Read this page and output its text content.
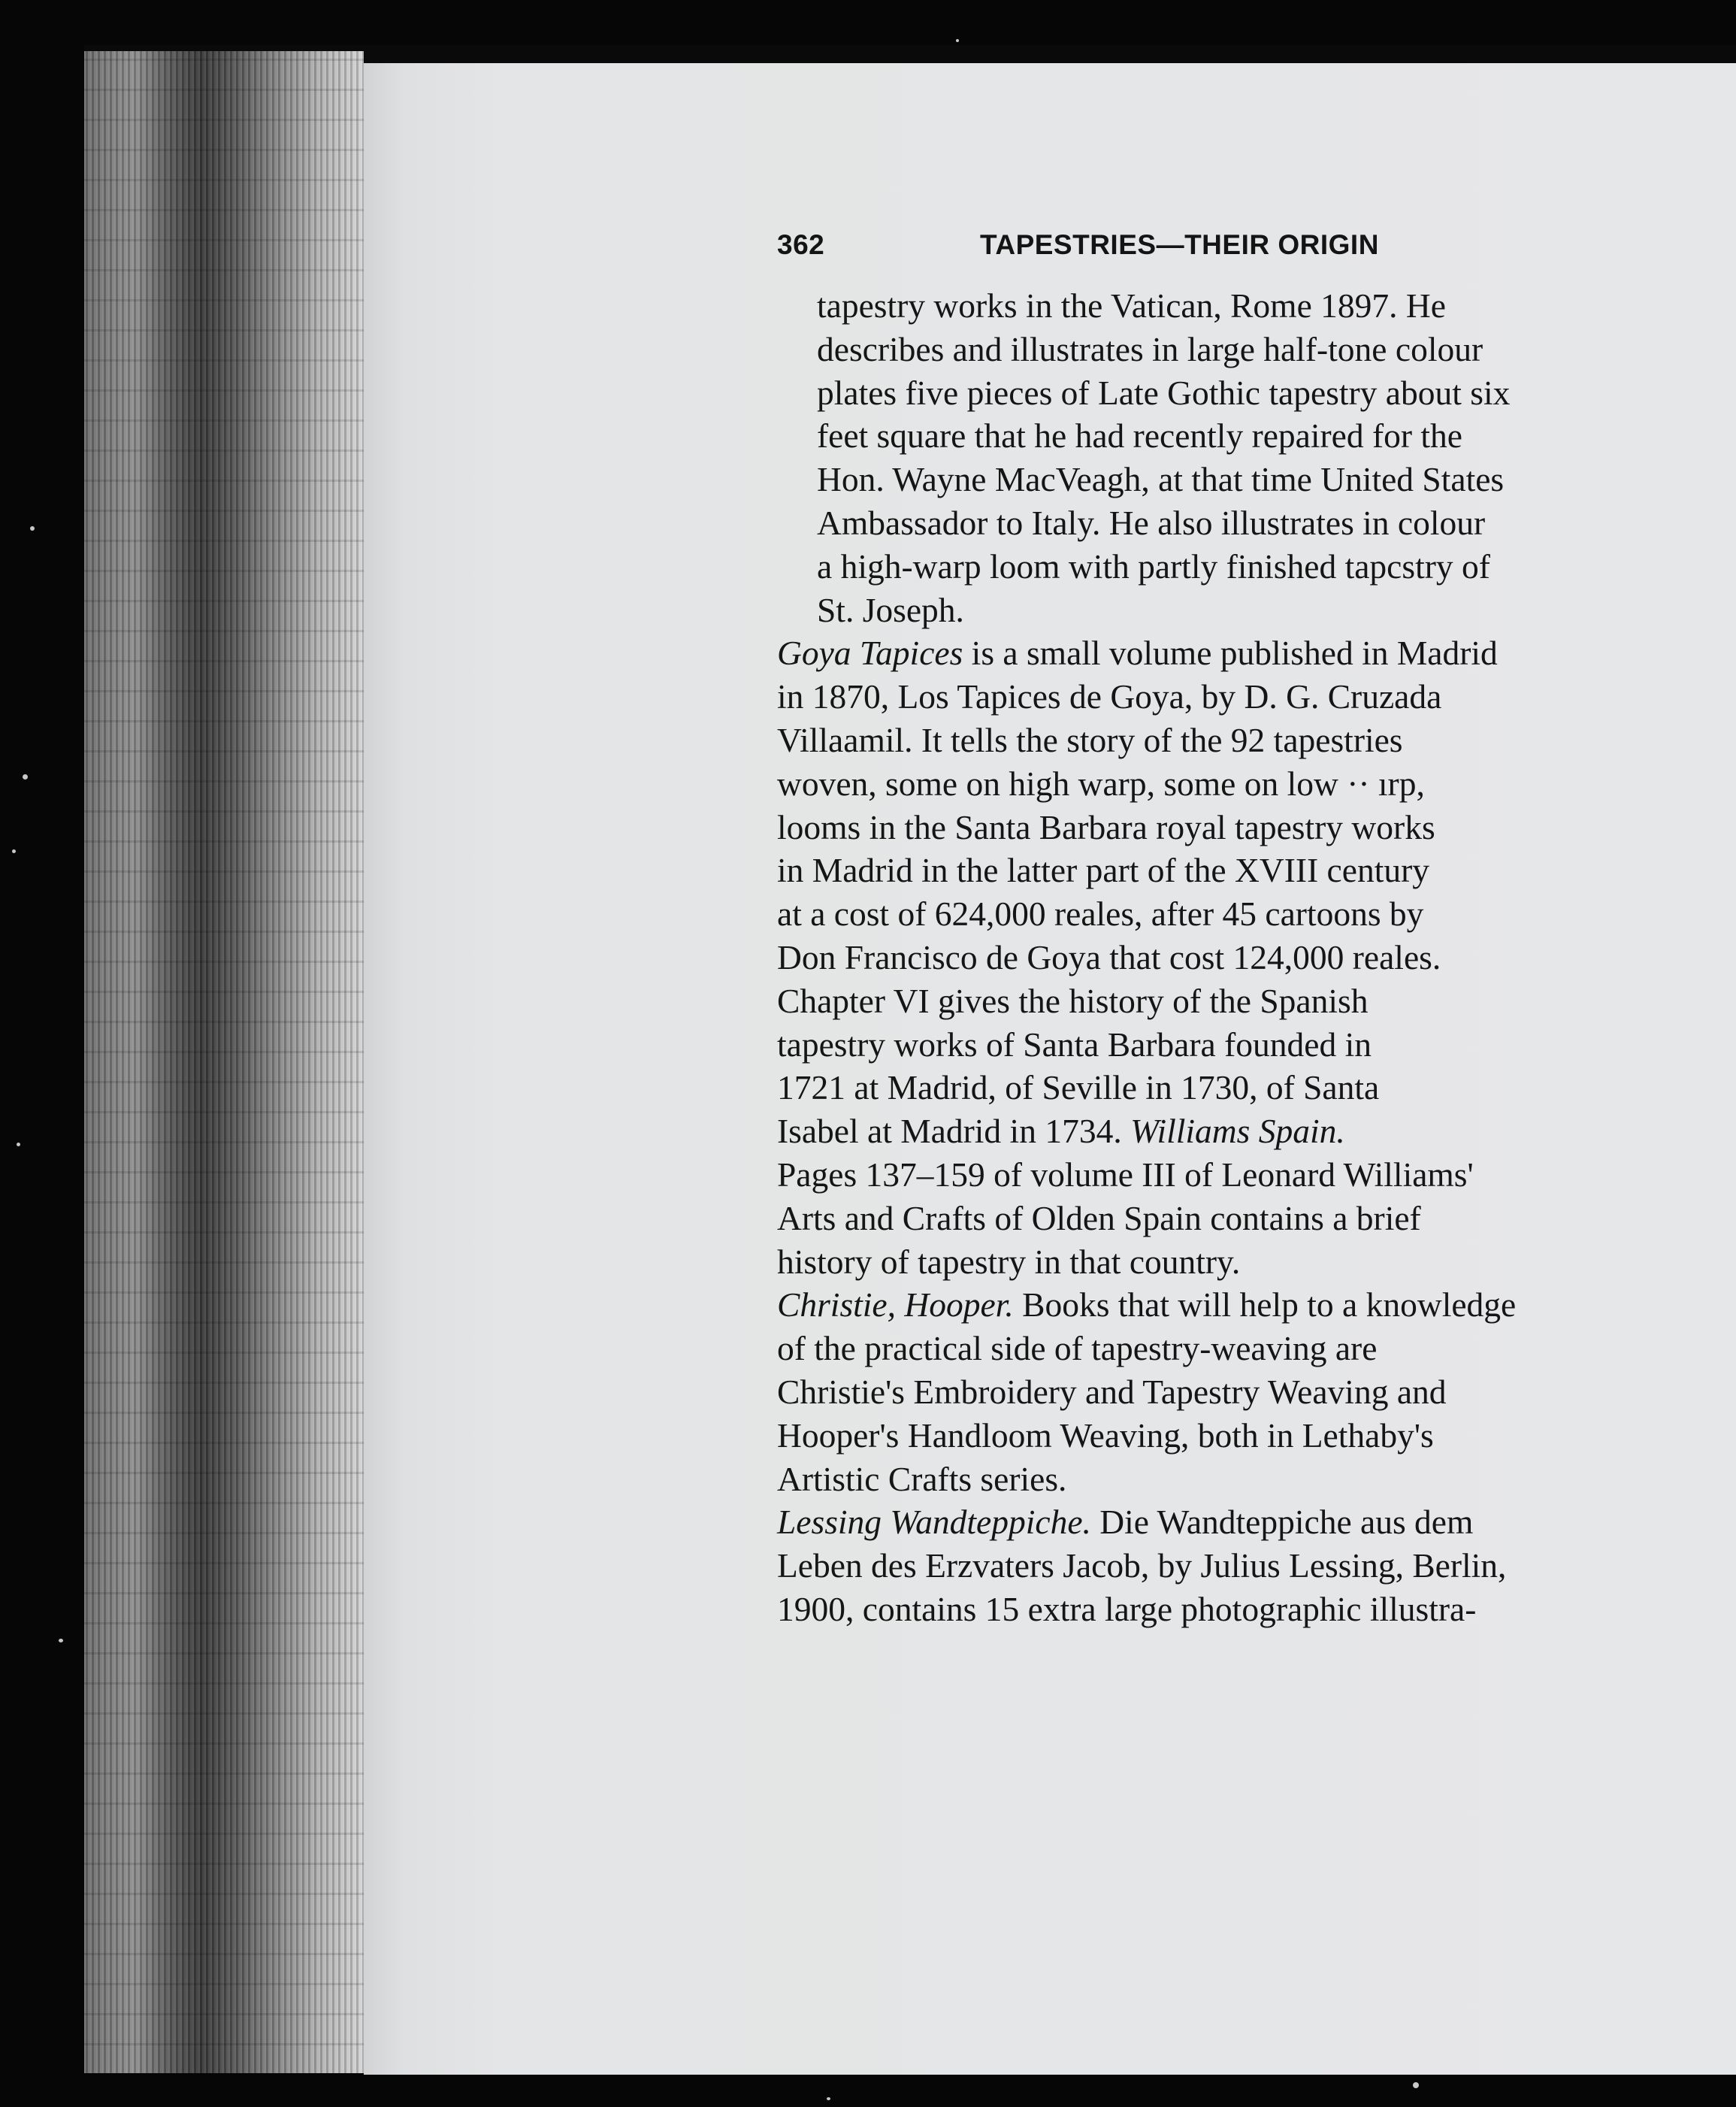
362	TAPESTRIES—THEIR ORIGIN
tapestry works in the Vatican, Rome 1897. He
describes and illustrates in large half-tone colour
plates five pieces of Late Gothic tapestry about six
feet square that he had recently repaired for the
Hon. Wayne MacVeagh, at that time United States
Ambassador to Italy. He also illustrates in colour
a high-warp loom with partly finished tapcstry of
St. Joseph.
Goya Tapices is a small volume published in Madrid
in 1870, Los Tapices de Goya, by D. G. Cruzada
Villaamil. It tells the story of the 92 tapestries
woven, some on high warp, some on low ·· ırp,
looms in the Santa Barbara royal tapestry works
in Madrid in the latter part of the XVIII century
at a cost of 624,000 reales, after 45 cartoons by
Don Francisco de Goya that cost 124,000 reales.
Chapter VI gives the history of the Spanish
tapestry works of Santa Barbara founded in
1721 at Madrid, of Seville in 1730, of Santa
Isabel at Madrid in 1734. Williams Spain.
Pages 137–159 of volume III of Leonard Williams'
Arts and Crafts of Olden Spain contains a brief
history of tapestry in that country.
Christie, Hooper. Books that will help to a knowledge
of the practical side of tapestry-weaving are
Christie's Embroidery and Tapestry Weaving and
Hooper's Handloom Weaving, both in Lethaby's
Artistic Crafts series.
Lessing Wandteppiche. Die Wandteppiche aus dem
Leben des Erzvaters Jacob, by Julius Lessing, Berlin,
1900, contains 15 extra large photographic illustra-
